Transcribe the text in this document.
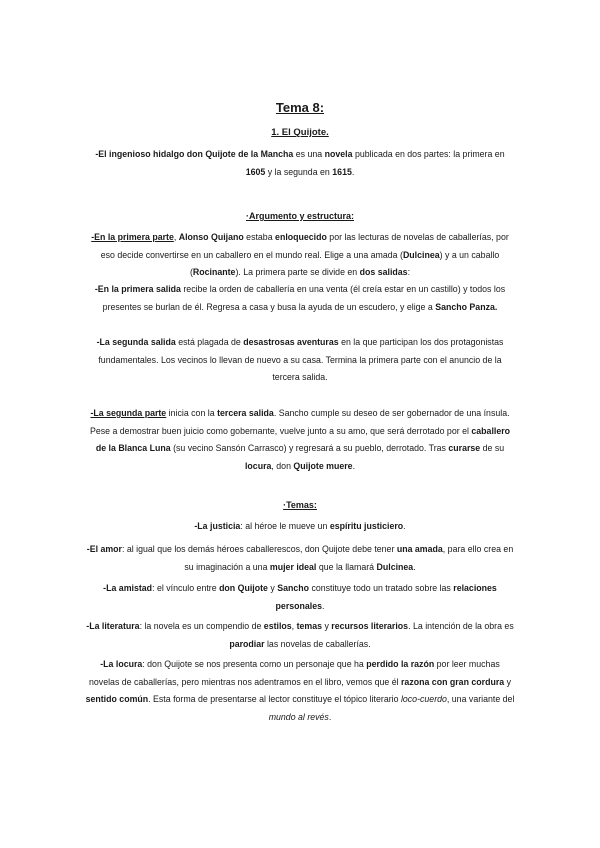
Tema 8:
1. El Quijote.
-El ingenioso hidalgo don Quijote de la Mancha es una novela publicada en dos partes: la primera en 1605 y la segunda en 1615.
·Argumento y estructura:
-En la primera parte, Alonso Quijano estaba enloquecido por las lecturas de novelas de caballerías, por eso decide convertirse en un caballero en el mundo real. Elige a una amada (Dulcinea) y a un caballo (Rocinante). La primera parte se divide en dos salidas:
-En la primera salida recibe la orden de caballería en una venta (él creía estar en un castillo) y todos los presentes se burlan de él. Regresa a casa y busa la ayuda de un escudero, y elige a Sancho Panza.
-La segunda salida está plagada de desastrosas aventuras en la que participan los dos protagonistas fundamentales. Los vecinos lo llevan de nuevo a su casa. Termina la primera parte con el anuncio de la tercera salida.
-La segunda parte inicia con la tercera salida. Sancho cumple su deseo de ser gobernador de una ínsula. Pese a demostrar buen juicio como gobernante, vuelve junto a su amo, que será derrotado por el caballero de la Blanca Luna (su vecino Sansón Carrasco) y regresará a su pueblo, derrotado. Tras curarse de su locura, don Quijote muere.
·Temas:
-La justicia: al héroe le mueve un espíritu justiciero.
-El amor: al igual que los demás héroes caballerescos, don Quijote debe tener una amada, para ello crea en su imaginación a una mujer ideal que la llamará Dulcinea.
-La amistad: el vínculo entre don Quijote y Sancho constituye todo un tratado sobre las relaciones personales.
-La literatura: la novela es un compendio de estilos, temas y recursos literarios. La intención de la obra es parodiar las novelas de caballerías.
-La locura: don Quijote se nos presenta como un personaje que ha perdido la razón por leer muchas novelas de caballerías, pero mientras nos adentramos en el libro, vemos que él razona con gran cordura y sentido común. Esta forma de presentarse al lector constituye el tópico literario loco-cuerdo, una variante del mundo al revés.
